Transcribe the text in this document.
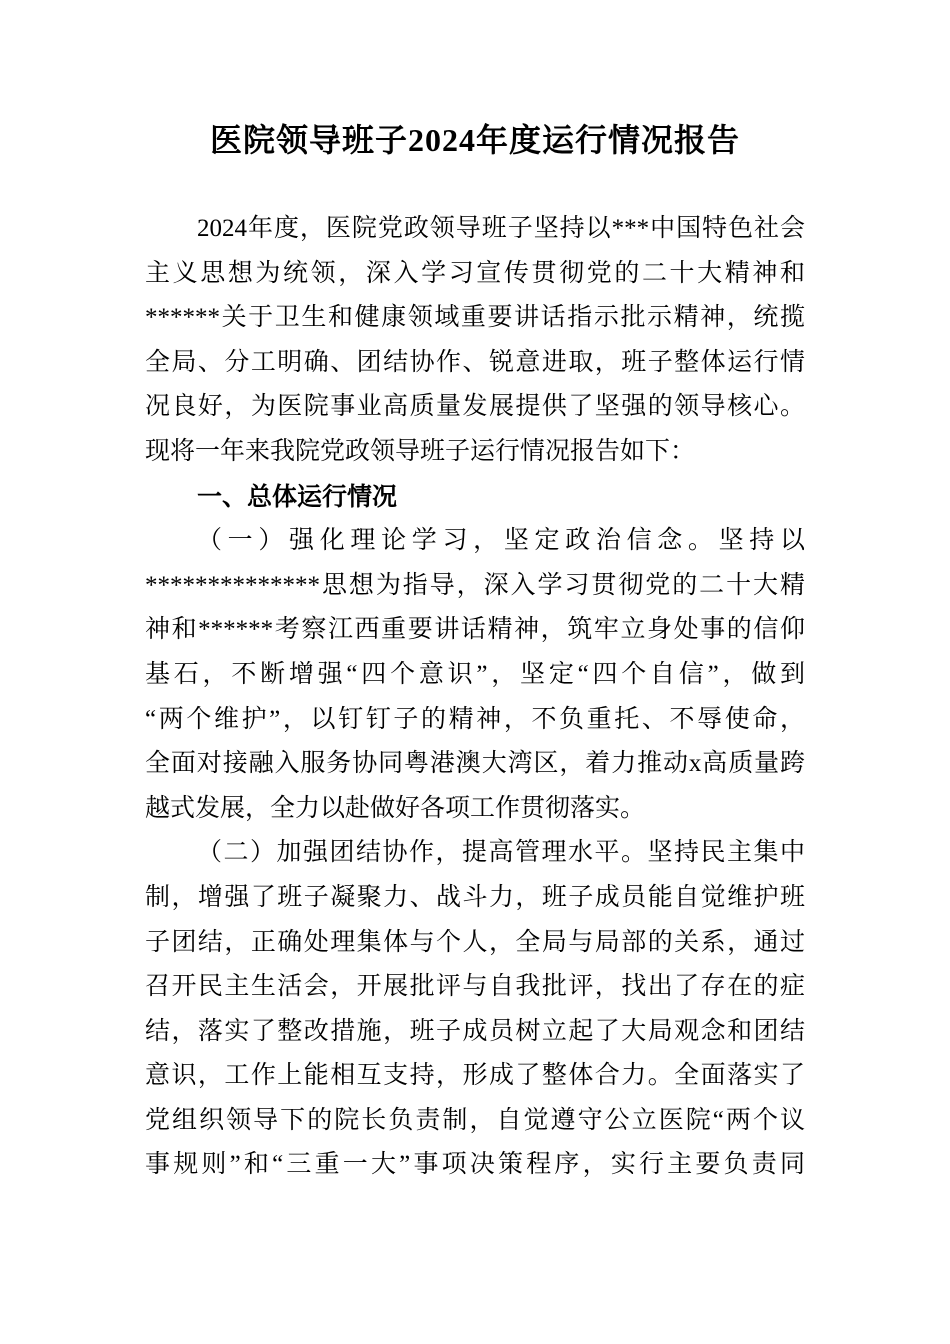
医院领导班子2024年度运行情况报告
2024年度，医院党政领导班子坚持以***中国特色社会
主义思想为统领，深入学习宣传贯彻党的二十大精神和
******关于卫生和健康领域重要讲话指示批示精神，统揽
全局、分工明确、团结协作、锐意进取，班子整体运行情
况良好，为医院事业高质量发展提供了坚强的领导核心。
现将一年来我院党政领导班子运行情况报告如下：
一、总体运行情况
（一）强化理论学习，坚定政治信念。坚持以
**************思想为指导，深入学习贯彻党的二十大精
神和******考察江西重要讲话精神，筑牢立身处事的信仰
基石，不断增强“四个意识”，坚定“四个自信”，做到
“两个维护”，以钉钉子的精神，不负重托、不辱使命，
全面对接融入服务协同粤港澳大湾区，着力推动x高质量跨
越式发展，全力以赴做好各项工作贯彻落实。
（二）加强团结协作，提高管理水平。坚持民主集中
制，增强了班子凝聚力、战斗力，班子成员能自觉维护班
子团结，正确处理集体与个人，全局与局部的关系，通过
召开民主生活会，开展批评与自我批评，找出了存在的症
结，落实了整改措施，班子成员树立起了大局观念和团结
意识，工作上能相互支持，形成了整体合力。全面落实了
党组织领导下的院长负责制，自觉遵守公立医院“两个议
事规则”和“三重一大”事项决策程序，实行主要负责同
